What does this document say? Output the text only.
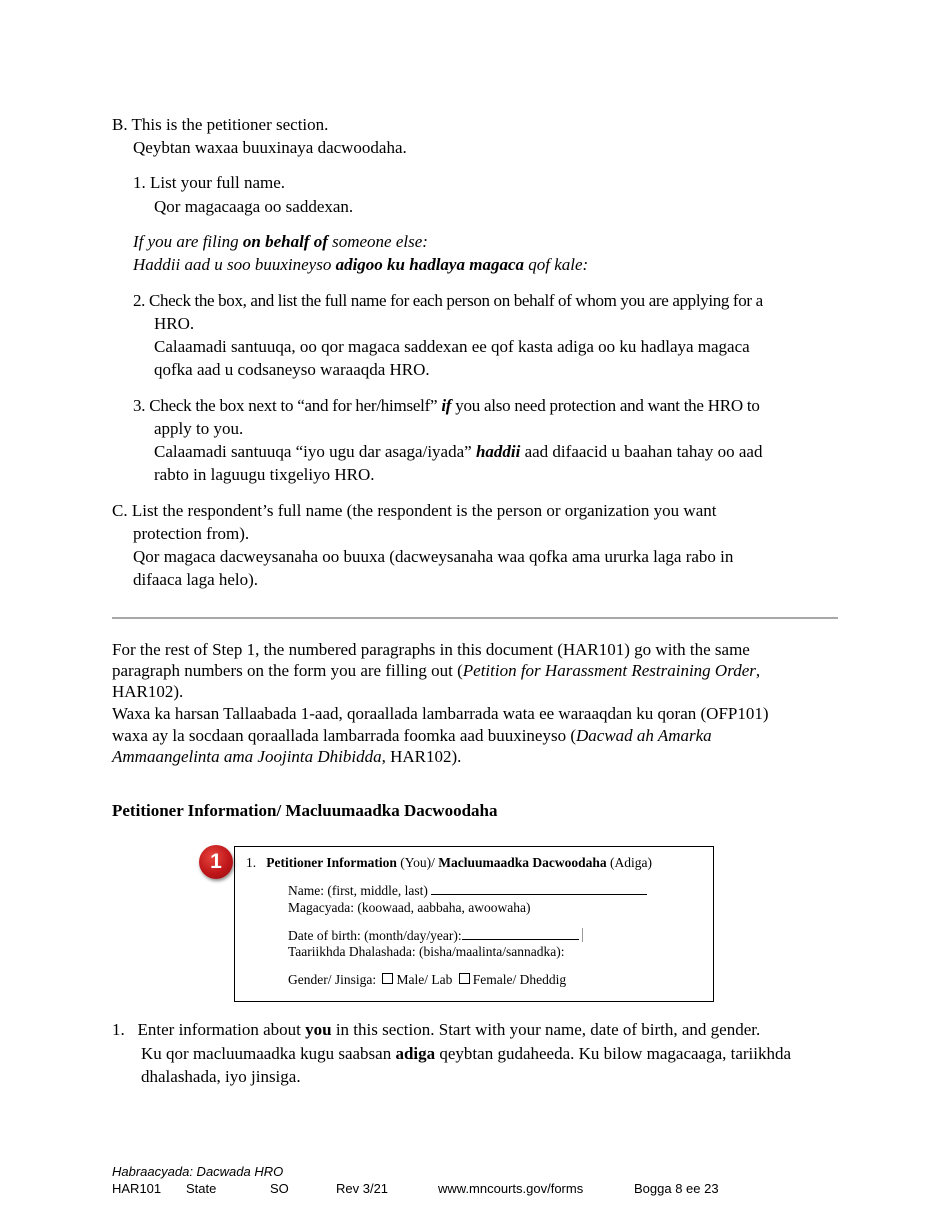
B. This is the petitioner section.
Qeybtan waxaa buuxinaya dacwoodaha.
1. List your full name.
Qor magacaaga oo saddexan.
If you are filing on behalf of someone else:
Haddii aad u soo buuxineyso adigoo ku hadlaya magaca qof kale:
2. Check the box, and list the full name for each person on behalf of whom you are applying for a
HRO.
Calaamadi santuuqa, oo qor magaca saddexan ee qof kasta adiga oo ku hadlaya magaca
qofka aad u codsaneyso waraaqda HRO.
3. Check the box next to “and for her/himself” if you also need protection and want the HRO to
apply to you.
Calaamadi santuuqa “iyo ugu dar asaga/iyada” haddii aad difaacid u baahan tahay oo aad
rabto in laguugu tixgeliyo HRO.
C. List the respondent’s full name (the respondent is the person or organization you want
protection from).
Qor magaca dacweysanaha oo buuxa (dacweysanaha waa qofka ama ururka laga rabo in
difaaca laga helo).
For the rest of Step 1, the numbered paragraphs in this document (HAR101) go with the same
paragraph numbers on the form you are filling out (Petition for Harassment Restraining Order,
HAR102).
Waxa ka harsan Tallaabada 1-aad, qoraallada lambarrada wata ee waraaqdan ku qoran (OFP101)
waxa ay la socdaan qoraallada lambarrada foomka aad buuxineyso (Dacwad ah Amarka
Ammaangelinta ama Joojinta Dhibidda, HAR102).
Petitioner Information/ Macluumaadka Dacwoodaha
1	1. Petitioner Information (You)/ Macluumaadka Dacwoodaha (Adiga)
Name: (first, middle, last)
Magacyada: (koowaad, aabbaha, awoowaha)
Date of birth: (month/day/year):
Taariikhda Dhalashada: (bisha/maalinta/sannadka):
Gender/ Jinsiga: Male/ Lab Female/ Dheddig
1.   Enter information about you in this section. Start with your name, date of birth, and gender.
Ku qor macluumaadka kugu saabsan adiga qeybtan gudaheeda. Ku bilow magacaaga, tariikhda
dhalashada, iyo jinsiga.
Habraacyada: Dacwada HRO
HAR101 State	SO	Rev 3/21	www.mncourts.gov/forms	Bogga 8 ee 23
